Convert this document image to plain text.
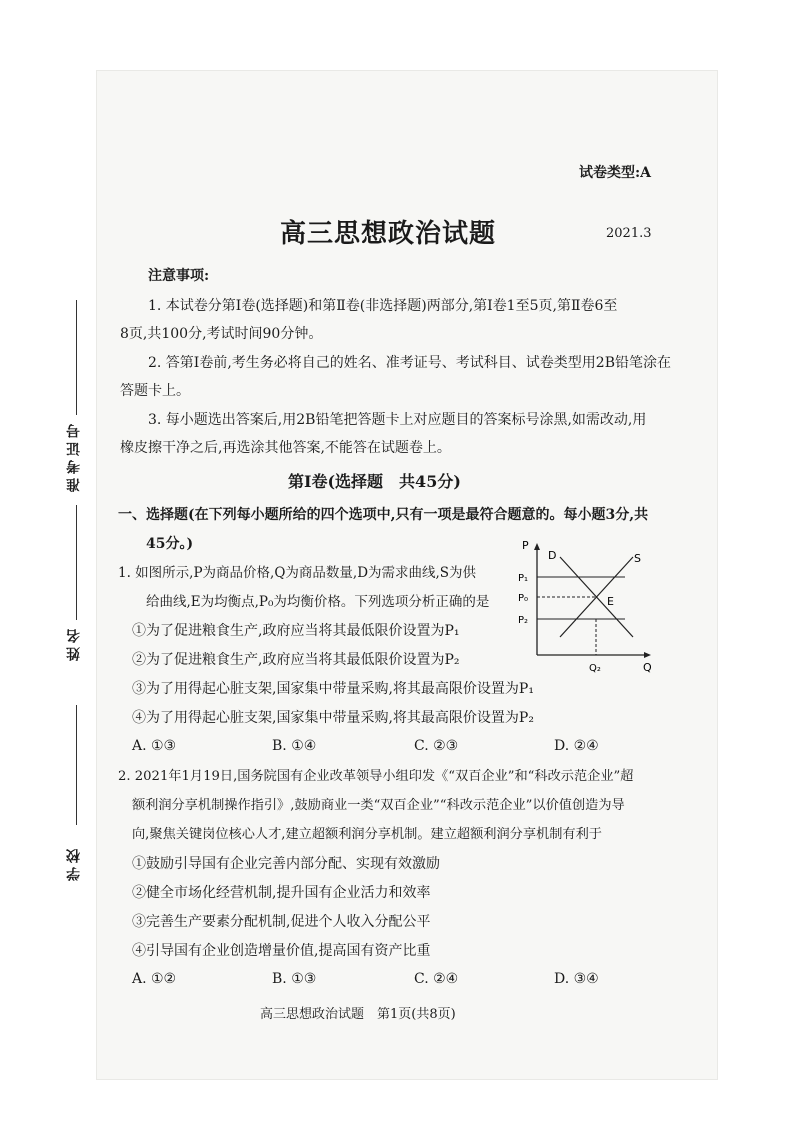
准考证号
姓名
学校
试卷类型:A
高三思想政治试题	2021.3
注意事项:
1. 本试卷分第Ⅰ卷(选择题)和第Ⅱ卷(非选择题)两部分,第Ⅰ卷1至5页,第Ⅱ卷6至
8页,共100分,考试时间90分钟。
2. 答第Ⅰ卷前,考生务必将自己的姓名、准考证号、考试科目、试卷类型用2B铅笔涂在
答题卡上。
3. 每小题选出答案后,用2B铅笔把答题卡上对应题目的答案标号涂黑,如需改动,用
橡皮擦干净之后,再选涂其他答案,不能答在试题卷上。
第Ⅰ卷(选择题　共45分)
一、选择题(在下列每小题所给的四个选项中,只有一项是最符合题意的。每小题3分,共
45分。)
1. 如图所示,P为商品价格,Q为商品数量,D为需求曲线,S为供
给曲线,E为均衡点,P₀为均衡价格。下列选项分析正确的是
①为了促进粮食生产,政府应当将其最低限价设置为P₁
②为了促进粮食生产,政府应当将其最低限价设置为P₂
③为了用得起心脏支架,国家集中带量采购,将其最高限价设置为P₁
④为了用得起心脏支架,国家集中带量采购,将其最高限价设置为P₂
A. ①③	B. ①④	C. ②③	D. ②④
P
Q
D	S
E
P₁
P₀
P₂
Q₂
2. 2021年1月19日,国务院国有企业改革领导小组印发《“双百企业”和“科改示范企业”超
额利润分享机制操作指引》,鼓励商业一类“双百企业”“科改示范企业”以价值创造为导
向,聚焦关键岗位核心人才,建立超额利润分享机制。建立超额利润分享机制有利于
①鼓励引导国有企业完善内部分配、实现有效激励
②健全市场化经营机制,提升国有企业活力和效率
③完善生产要素分配机制,促进个人收入分配公平
④引导国有企业创造增量价值,提高国有资产比重
A. ①②	B. ①③	C. ②④	D. ③④
高三思想政治试题　第1页(共8页)
